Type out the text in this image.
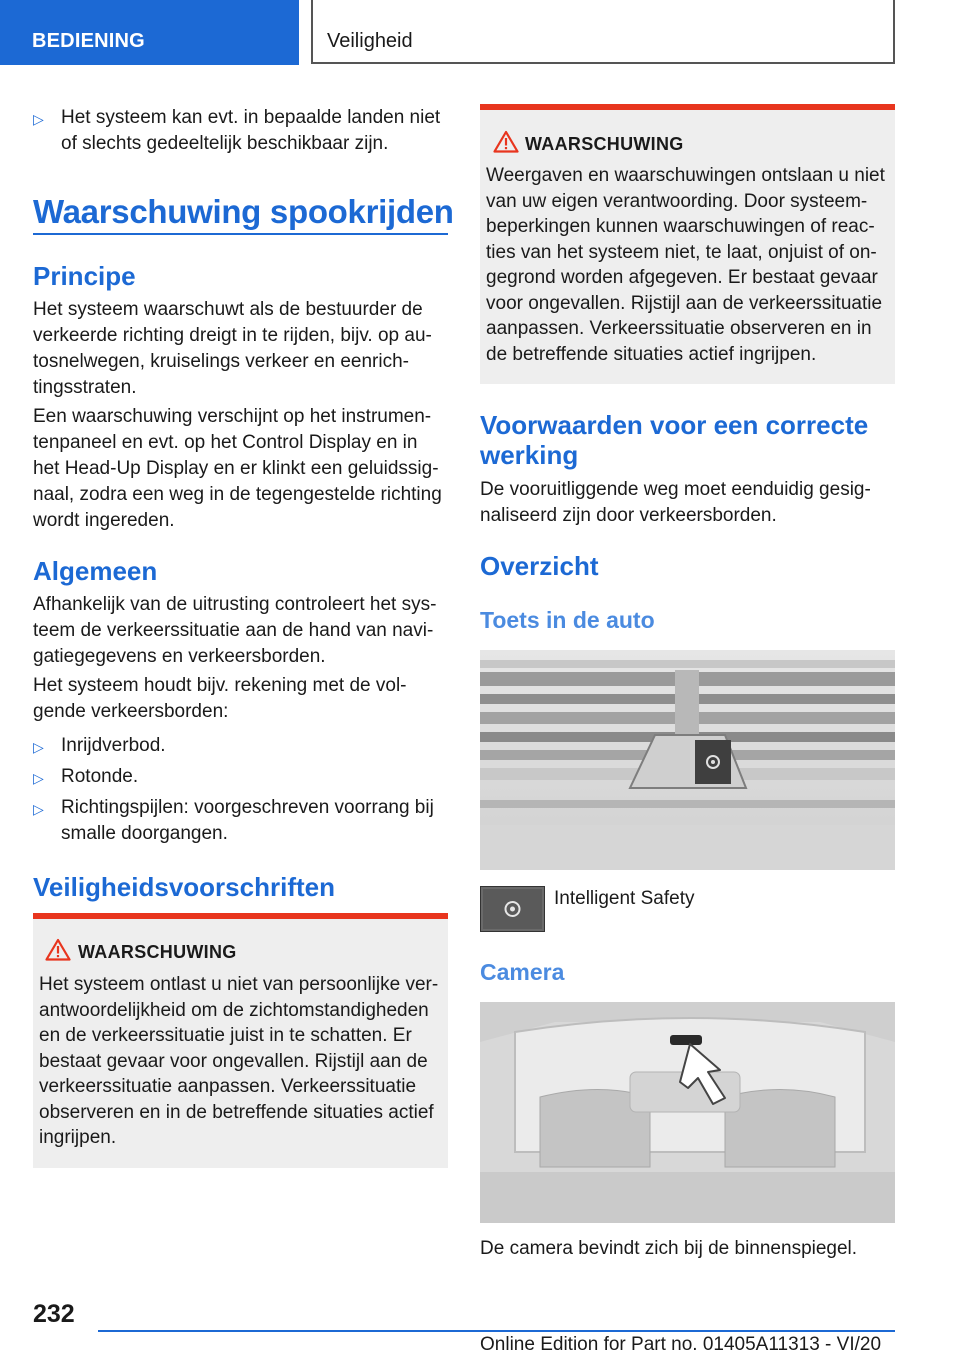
BEDIENING	Veiligheid
▷ Het systeem kan evt. in bepaalde landen niet of slechts gedeeltelijk beschikbaar zijn.
Waarschuwing spookrijden
Principe
Het systeem waarschuwt als de bestuurder de verkeerde richting dreigt in te rijden, bijv. op au-tosnelwegen, kruiselings verkeer en eenrich-tingsstraten.
Een waarschuwing verschijnt op het instrumen-tenpaneel en evt. op het Control Display en in het Head-Up Display en er klinkt een geluidssig-naal, zodra een weg in de tegengestelde richting wordt ingereden.
Algemeen
Afhankelijk van de uitrusting controleert het sys-teem de verkeerssituatie aan de hand van navi-gatiegegevens en verkeersborden.
Het systeem houdt bijv. rekening met de vol-gende verkeersborden:
▷ Inrijdverbod.
▷ Rotonde.
▷ Richtingspijlen: voorgeschreven voorrang bij smalle doorgangen.
Veiligheidsvoorschriften
WAARSCHUWING
Het systeem ontlast u niet van persoonlijke ver-antwoordelijkheid om de zichtomstandigheden en de verkeerssituatie juist in te schatten. Er bestaat gevaar voor ongevallen. Rijstijl aan de verkeerssituatie aanpassen. Verkeerssituatie observeren en in de betreffende situaties actief ingrijpen.
WAARSCHUWING
Weergaven en waarschuwingen ontslaan u niet van uw eigen verantwoording. Door systeem-beperkingen kunnen waarschuwingen of reac-ties van het systeem niet, te laat, onjuist of on-gegrond worden afgegeven. Er bestaat gevaar voor ongevallen. Rijstijl aan de verkeerssituatie aanpassen. Verkeerssituatie observeren en in de betreffende situaties actief ingrijpen.
Voorwaarden voor een correcte werking
De vooruitliggende weg moet eenduidig gesig-naliseerd zijn door verkeersborden.
Overzicht
Toets in de auto
Intelligent Safety
Camera
De camera bevindt zich bij de binnenspiegel.
232
Online Edition for Part no. 01405A11313 - VI/20
